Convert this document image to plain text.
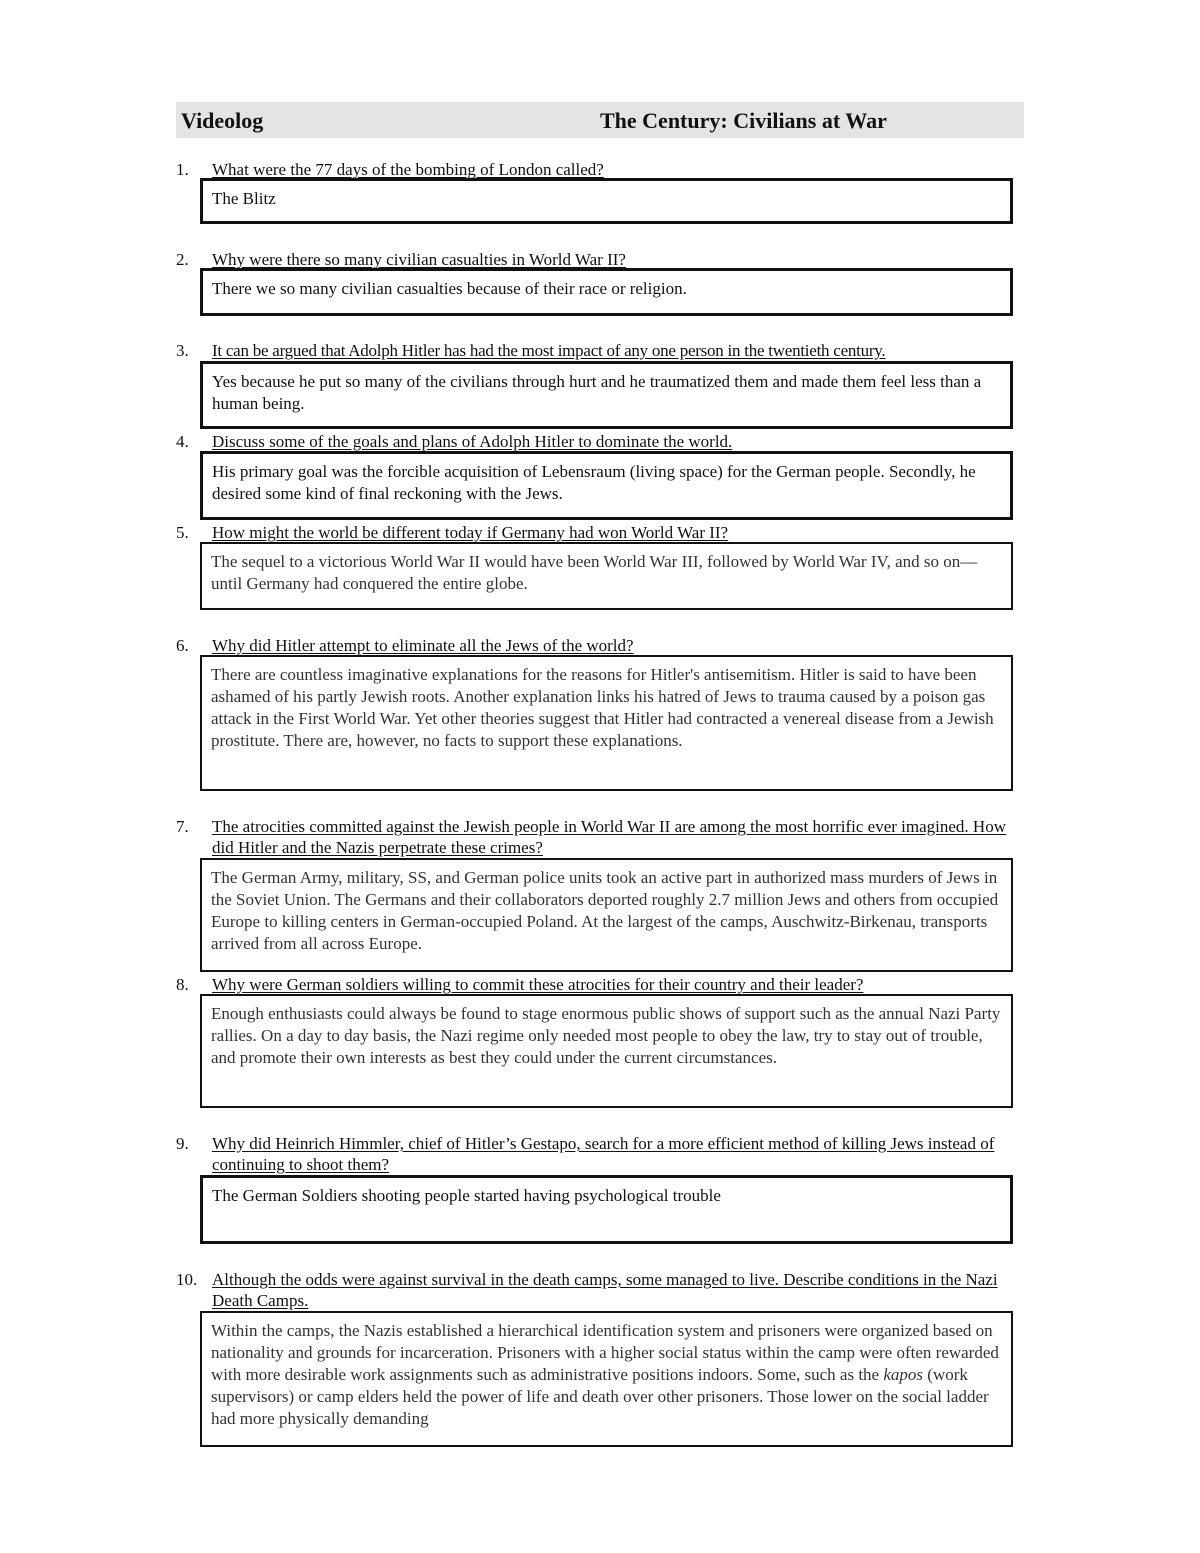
Videolog	The Century: Civilians at War
1.	What were the 77 days of the bombing of London called?

The Blitz

2.	Why were there so many civilian casualties in World War II?

There we so many civilian casualties because of their race or religion.

3.	It can be argued that Adolph Hitler has had the most impact of any one person in the twentieth century.

Yes because he put so many of the civilians through hurt and he traumatized them and made them feel less than a human being.

4.	Discuss some of the goals and plans of Adolph Hitler to dominate the world.

His primary goal was the forcible acquisition of Lebensraum (living space) for the German people. Secondly, he desired some kind of final reckoning with the Jews.

5.	How might the world be different today if Germany had won World War II?

The sequel to a victorious World War II would have been World War III, followed by World War IV, and so on—until Germany had conquered the entire globe.

6.	Why did Hitler attempt to eliminate all the Jews of the world?

There are countless imaginative explanations for the reasons for Hitler's antisemitism. Hitler is said to have been ashamed of his partly Jewish roots. Another explanation links his hatred of Jews to trauma caused by a poison gas attack in the First World War. Yet other theories suggest that Hitler had contracted a venereal disease from a Jewish prostitute. There are, however, no facts to support these explanations.

7.	The atrocities committed against the Jewish people in World War II are among the most horrific ever imagined. How did Hitler and the Nazis perpetrate these crimes?

The German Army, military, SS, and German police units took an active part in authorized mass murders of Jews in the Soviet Union. The Germans and their collaborators deported roughly 2.7 million Jews and others from occupied Europe to killing centers in German-occupied Poland. At the largest of the camps, Auschwitz-Birkenau, transports arrived from all across Europe.

8.	Why were German soldiers willing to commit these atrocities for their country and their leader?

Enough enthusiasts could always be found to stage enormous public shows of support such as the annual Nazi Party rallies. On a day to day basis, the Nazi regime only needed most people to obey the law, try to stay out of trouble, and promote their own interests as best they could under the current circumstances.

9.	Why did Heinrich Himmler, chief of Hitler’s Gestapo, search for a more efficient method of killing Jews instead of continuing to shoot them?

The German Soldiers shooting people started having psychological trouble

10. Although the odds were against survival in the death camps, some managed to live. Describe conditions in the Nazi Death Camps.

Within the camps, the Nazis established a hierarchical identification system and prisoners were organized based on nationality and grounds for incarceration. Prisoners with a higher social status within the camp were often rewarded with more desirable work assignments such as administrative positions indoors. Some, such as the kapos (work supervisors) or camp elders held the power of life and death over other prisoners. Those lower on the social ladder had more physically demanding
